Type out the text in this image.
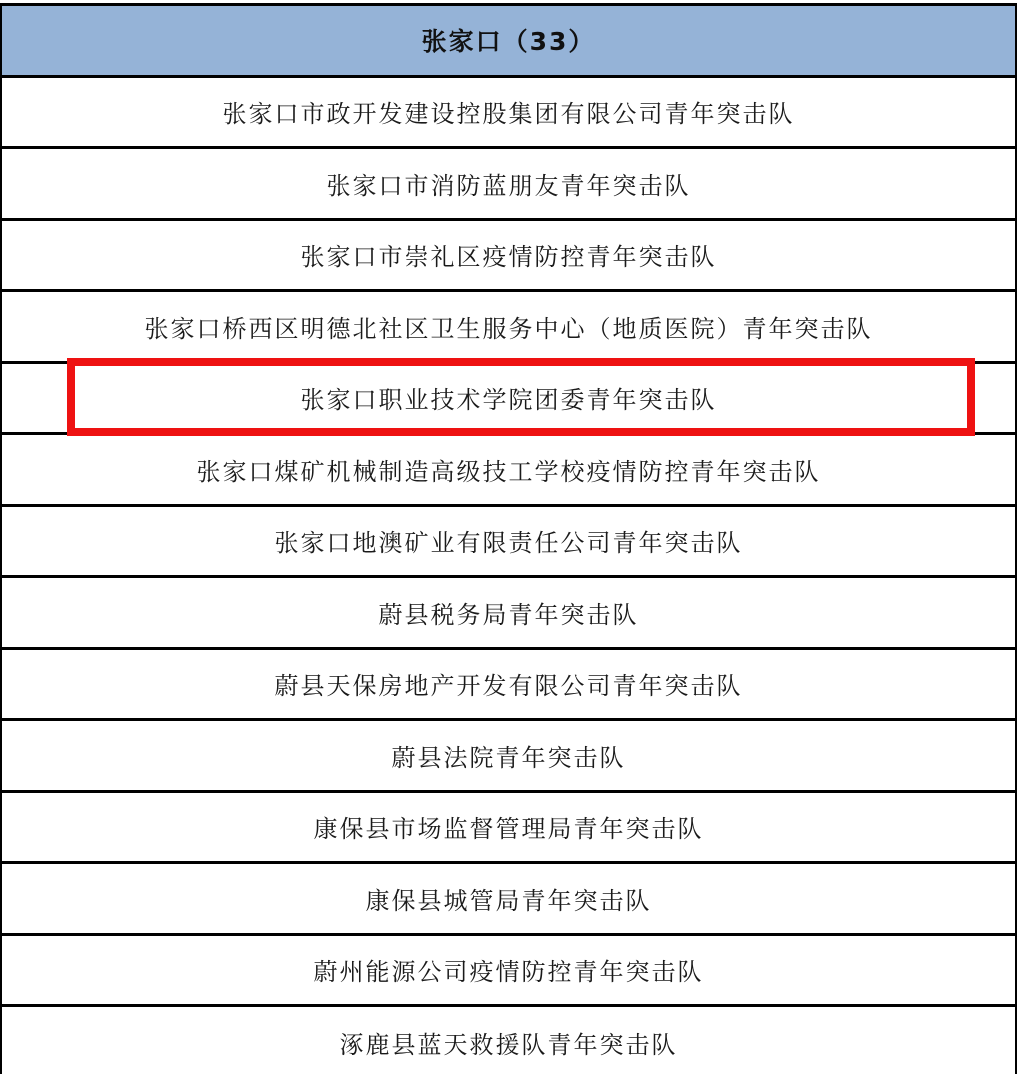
张家口（33）
张家口市政开发建设控股集团有限公司青年突击队
张家口市消防蓝朋友青年突击队
张家口市崇礼区疫情防控青年突击队
张家口桥西区明德北社区卫生服务中心（地质医院）青年突击队
张家口职业技术学院团委青年突击队
张家口煤矿机械制造高级技工学校疫情防控青年突击队
张家口地澳矿业有限责任公司青年突击队
蔚县税务局青年突击队
蔚县天保房地产开发有限公司青年突击队
蔚县法院青年突击队
康保县市场监督管理局青年突击队
康保县城管局青年突击队
蔚州能源公司疫情防控青年突击队
涿鹿县蓝天救援队青年突击队
